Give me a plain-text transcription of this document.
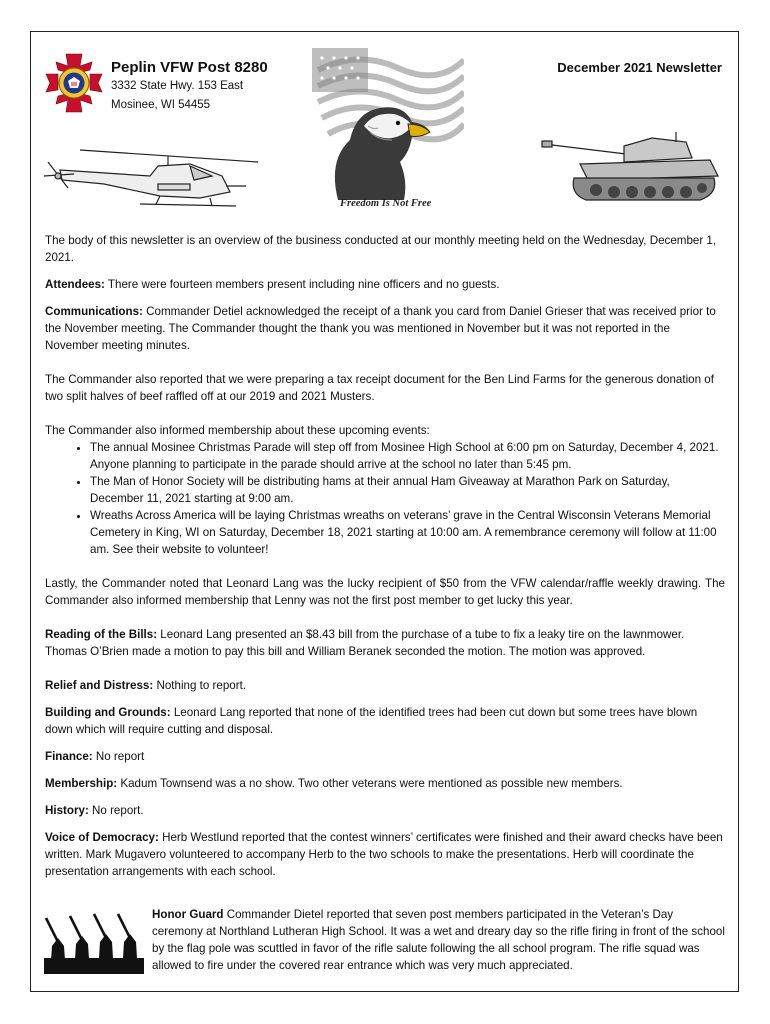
Peplin VFW Post 8280
3332 State Hwy. 153 East
Mosinee, WI 54455
December 2021 Newsletter
Freedom Is Not Free

The body of this newsletter is an overview of the business conducted at our monthly meeting held on the Wednesday, December 1, 2021.

Attendees: There were fourteen members present including nine officers and no guests.

Communications: Commander Detiel acknowledged the receipt of a thank you card from Daniel Grieser that was received prior to the November meeting. The Commander thought the thank you was mentioned in November but it was not reported in the November meeting minutes.

The Commander also reported that we were preparing a tax receipt document for the Ben Lind Farms for the generous donation of two split halves of beef raffled off at our 2019 and 2021 Musters.

The Commander also informed membership about these upcoming events:

• The annual Mosinee Christmas Parade will step off from Mosinee High School at 6:00 pm on Saturday, December 4, 2021. Anyone planning to participate in the parade should arrive at the school no later than 5:45 pm.
• The Man of Honor Society will be distributing hams at their annual Ham Giveaway at Marathon Park on Saturday, December 11, 2021 starting at 9:00 am.
• Wreaths Across America will be laying Christmas wreaths on veterans’ grave in the Central Wisconsin Veterans Memorial Cemetery in King, WI on Saturday, December 18, 2021 starting at 10:00 am. A remembrance ceremony will follow at 11:00 am. See their website to volunteer!

Lastly, the Commander noted that Leonard Lang was the lucky recipient of $50 from the VFW calendar/raffle weekly drawing. The Commander also informed membership that Lenny was not the first post member to get lucky this year.

Reading of the Bills: Leonard Lang presented an $8.43 bill from the purchase of a tube to fix a leaky tire on the lawnmower. Thomas O’Brien made a motion to pay this bill and William Beranek seconded the motion. The motion was approved.

Relief and Distress: Nothing to report.

Building and Grounds: Leonard Lang reported that none of the identified trees had been cut down but some trees have blown down which will require cutting and disposal.

Finance: No report

Membership: Kadum Townsend was a no show. Two other veterans were mentioned as possible new members.

History: No report.

Voice of Democracy: Herb Westlund reported that the contest winners’ certificates were finished and their award checks have been written. Mark Mugavero volunteered to accompany Herb to the two schools to make the presentations. Herb will coordinate the presentation arrangements with each school.

Honor Guard Commander Dietel reported that seven post members participated in the Veteran’s Day ceremony at Northland Lutheran High School. It was a wet and dreary day so the rifle firing in front of the school by the flag pole was scuttled in favor of the rifle salute following the all school program. The rifle squad was allowed to fire under the covered rear entrance which was very much appreciated.
